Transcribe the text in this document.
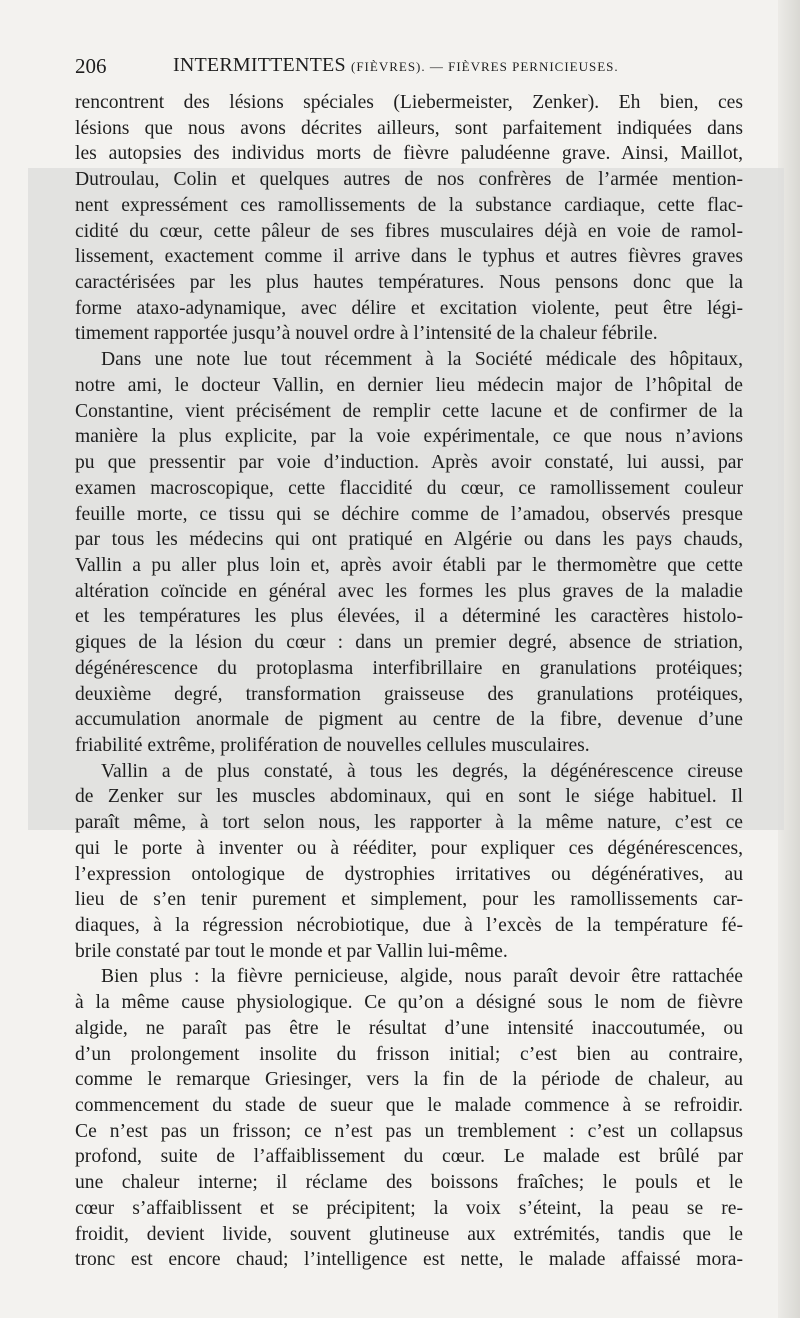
206	INTERMITTENTES (FIÈVRES). — FIÈVRES PERNICIEUSES.
rencontrent des lésions spéciales (Liebermeister, Zenker). Eh bien, ces
lésions que nous avons décrites ailleurs, sont parfaitement indiquées dans
les autopsies des individus morts de fièvre paludéenne grave. Ainsi, Maillot,
Dutroulau, Colin et quelques autres de nos confrères de l’armée mention-
nent expressément ces ramollissements de la substance cardiaque, cette flac-
cidité du cœur, cette pâleur de ses fibres musculaires déjà en voie de ramol-
lissement, exactement comme il arrive dans le typhus et autres fièvres graves
caractérisées par les plus hautes températures. Nous pensons donc que la
forme ataxo-adynamique, avec délire et excitation violente, peut être légi-
timement rapportée jusqu’à nouvel ordre à l’intensité de la chaleur fébrile.
Dans une note lue tout récemment à la Société médicale des hôpitaux,
notre ami, le docteur Vallin, en dernier lieu médecin major de l’hôpital de
Constantine, vient précisément de remplir cette lacune et de confirmer de la
manière la plus explicite, par la voie expérimentale, ce que nous n’avions
pu que pressentir par voie d’induction. Après avoir constaté, lui aussi, par
examen macroscopique, cette flaccidité du cœur, ce ramollissement couleur
feuille morte, ce tissu qui se déchire comme de l’amadou, observés presque
par tous les médecins qui ont pratiqué en Algérie ou dans les pays chauds,
Vallin a pu aller plus loin et, après avoir établi par le thermomètre que cette
altération coïncide en général avec les formes les plus graves de la maladie
et les températures les plus élevées, il a déterminé les caractères histolo-
giques de la lésion du cœur : dans un premier degré, absence de striation,
dégénérescence du protoplasma interfibrillaire en granulations protéiques;
deuxième degré, transformation graisseuse des granulations protéiques,
accumulation anormale de pigment au centre de la fibre, devenue d’une
friabilité extrême, prolifération de nouvelles cellules musculaires.
Vallin a de plus constaté, à tous les degrés, la dégénérescence cireuse
de Zenker sur les muscles abdominaux, qui en sont le siége habituel. Il
paraît même, à tort selon nous, les rapporter à la même nature, c’est ce
qui le porte à inventer ou à rééditer, pour expliquer ces dégénérescences,
l’expression ontologique de dystrophies irritatives ou dégénératives, au
lieu de s’en tenir purement et simplement, pour les ramollissements car-
diaques, à la régression nécrobiotique, due à l’excès de la température fé-
brile constaté par tout le monde et par Vallin lui-même.
Bien plus : la fièvre pernicieuse, algide, nous paraît devoir être rattachée
à la même cause physiologique. Ce qu’on a désigné sous le nom de fièvre
algide, ne paraît pas être le résultat d’une intensité inaccoutumée, ou
d’un prolongement insolite du frisson initial; c’est bien au contraire,
comme le remarque Griesinger, vers la fin de la période de chaleur, au
commencement du stade de sueur que le malade commence à se refroidir.
Ce n’est pas un frisson; ce n’est pas un tremblement : c’est un collapsus
profond, suite de l’affaiblissement du cœur. Le malade est brûlé par
une chaleur interne; il réclame des boissons fraîches; le pouls et le
cœur s’affaiblissent et se précipitent; la voix s’éteint, la peau se re-
froidit, devient livide, souvent glutineuse aux extrémités, tandis que le
tronc est encore chaud; l’intelligence est nette, le malade affaissé mora-
